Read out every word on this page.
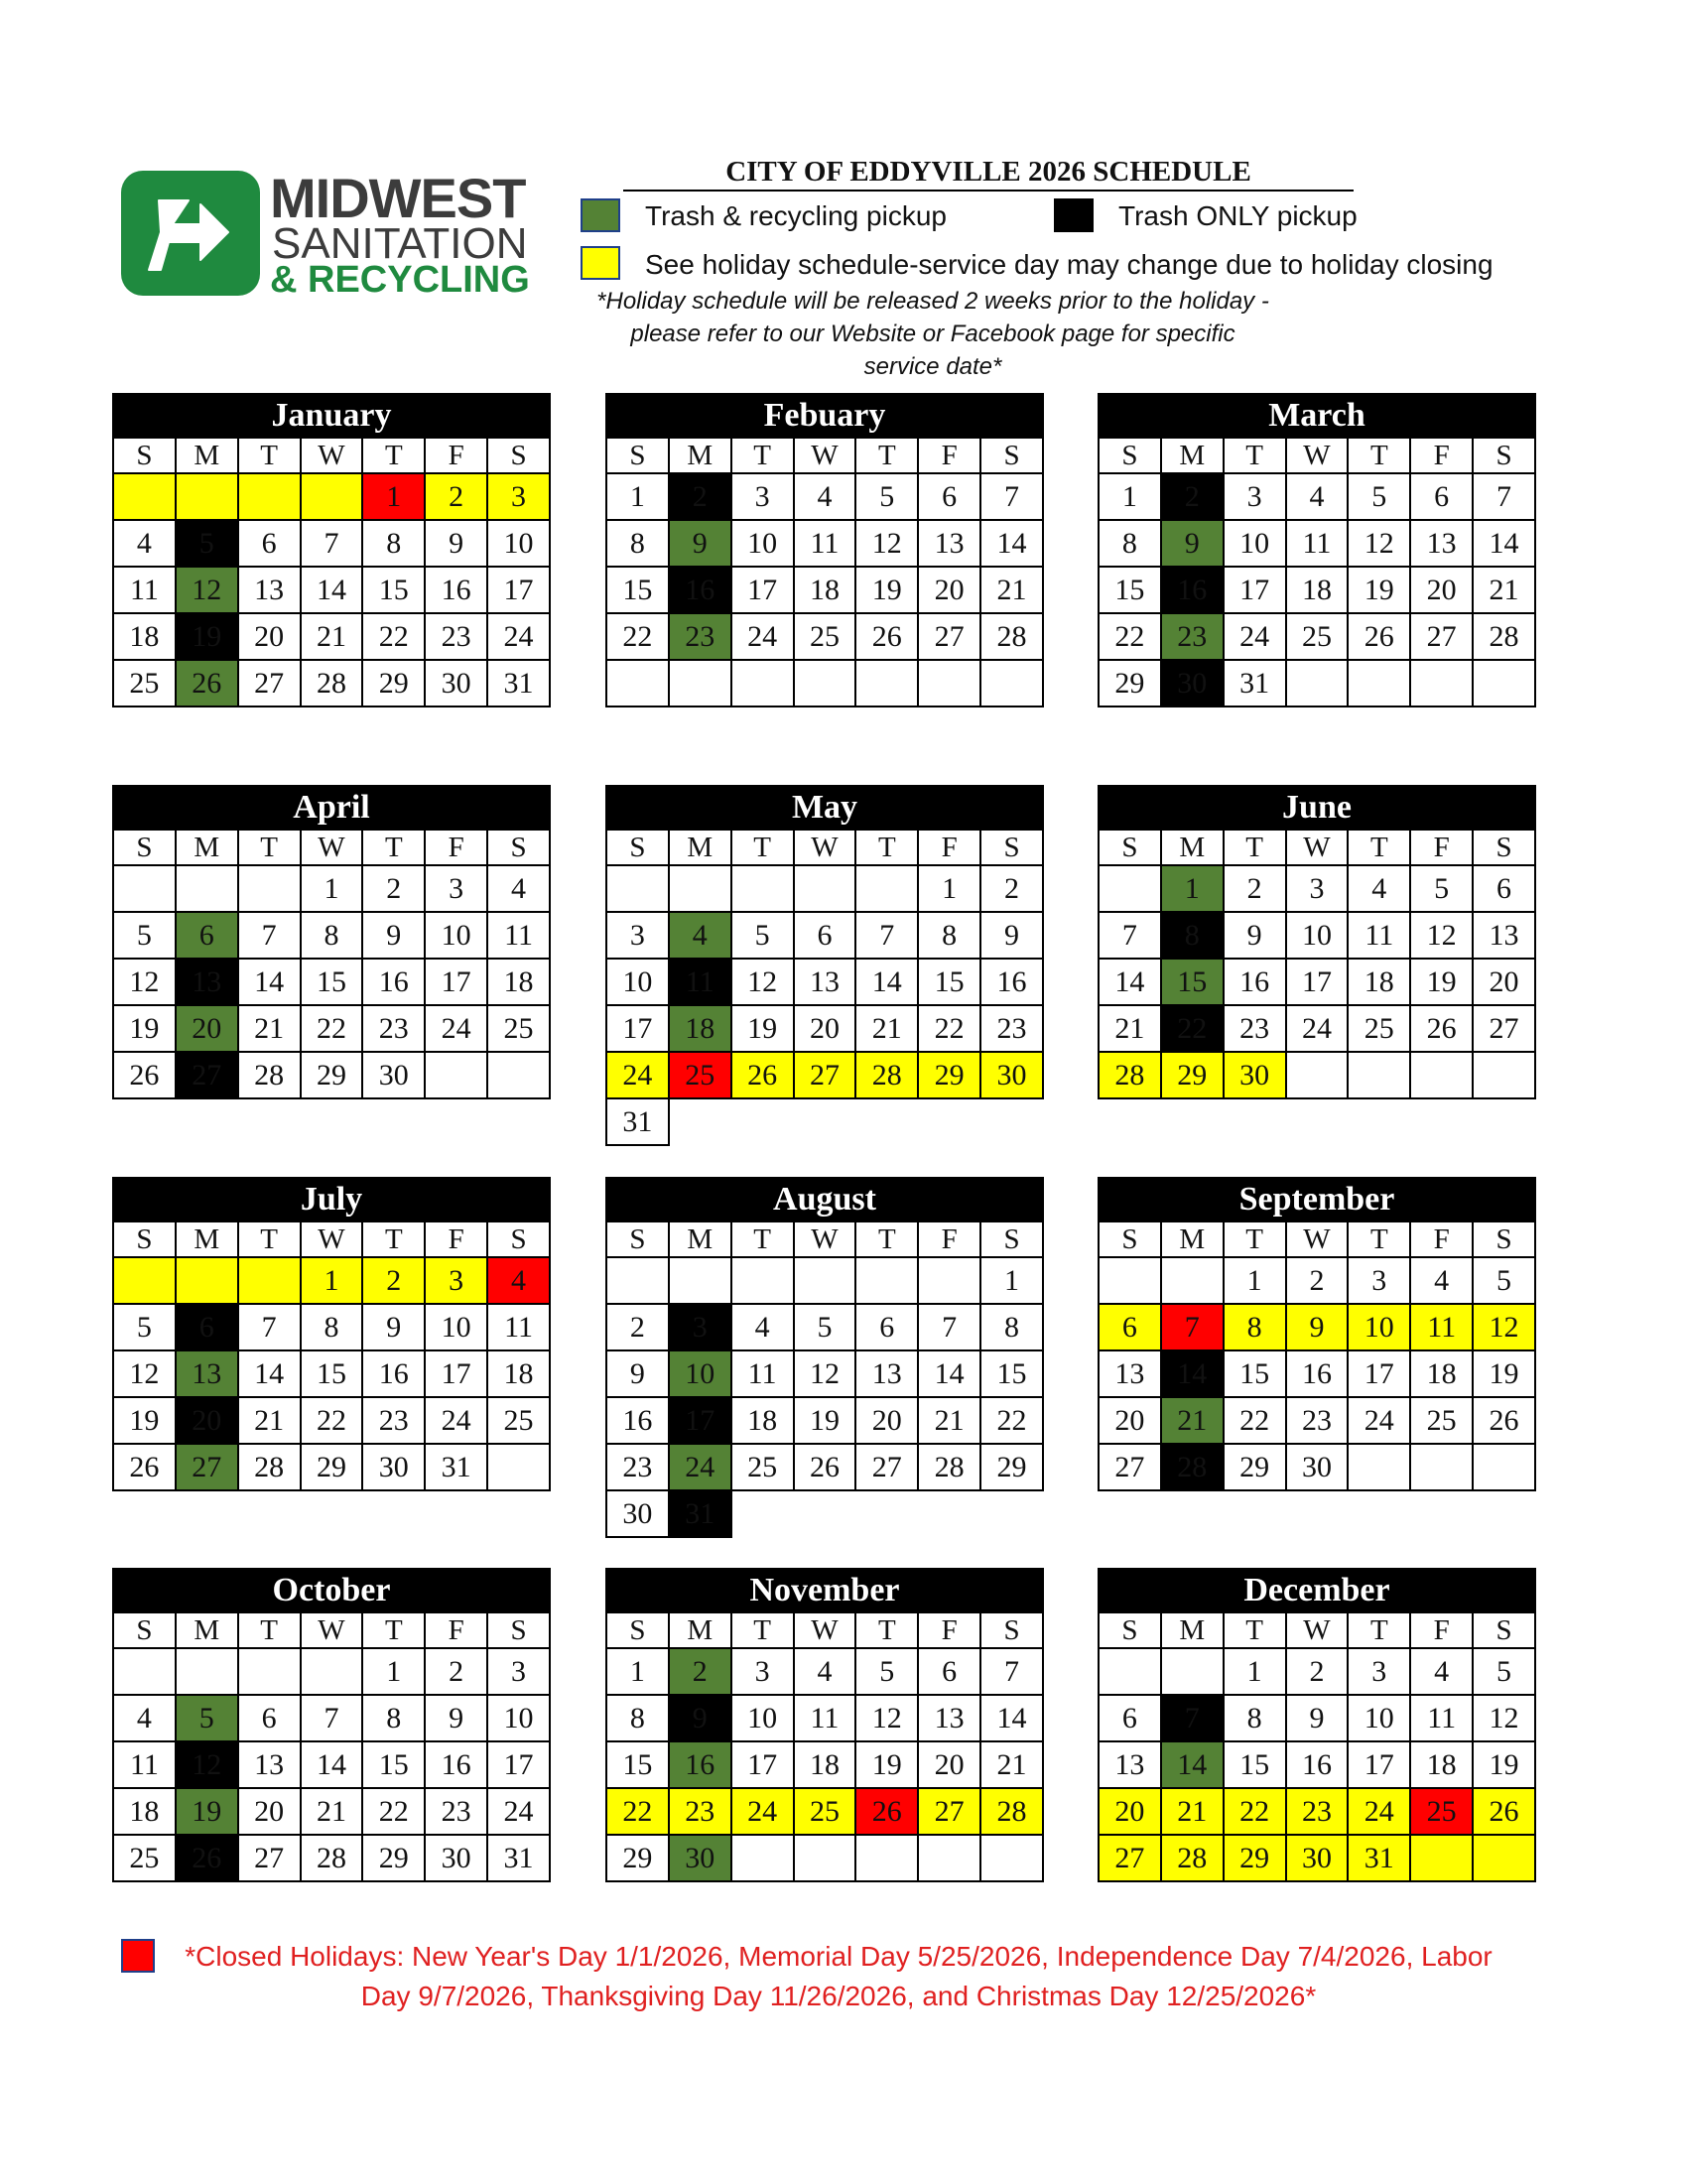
MIDWEST
SANITATION
& RECYCLING
CITY OF EDDYVILLE 2026 SCHEDULE
Trash & recycling pickup	Trash ONLY pickup
See holiday schedule-service day may change due to holiday closing
*Holiday schedule will be released 2 weeks prior to the holiday - please refer to our Website or Facebook page for specific service date*
January
S	M	T	W	T	F	S
				1	2	3
4	5	6	7	8	9	10
11	12	13	14	15	16	17
18	19	20	21	22	23	24
25	26	27	28	29	30	31
Febuary
S	M	T	W	T	F	S
1	2	3	4	5	6	7
8	9	10	11	12	13	14
15	16	17	18	19	20	21
22	23	24	25	26	27	28

March
S	M	T	W	T	F	S
1	2	3	4	5	6	7
8	9	10	11	12	13	14
15	16	17	18	19	20	21
22	23	24	25	26	27	28
29	30	31				
April
S	M	T	W	T	F	S
			1	2	3	4
5	6	7	8	9	10	11
12	13	14	15	16	17	18
19	20	21	22	23	24	25
26	27	28	29	30		
May
S	M	T	W	T	F	S
					1	2
3	4	5	6	7	8	9
10	11	12	13	14	15	16
17	18	19	20	21	22	23
24	25	26	27	28	29	30
31						
June
S	M	T	W	T	F	S
	1	2	3	4	5	6
7	8	9	10	11	12	13
14	15	16	17	18	19	20
21	22	23	24	25	26	27
28	29	30				
July
S	M	T	W	T	F	S
			1	2	3	4
5	6	7	8	9	10	11
12	13	14	15	16	17	18
19	20	21	22	23	24	25
26	27	28	29	30	31	
August
S	M	T	W	T	F	S
						1
2	3	4	5	6	7	8
9	10	11	12	13	14	15
16	17	18	19	20	21	22
23	24	25	26	27	28	29
30	31					
September
S	M	T	W	T	F	S
		1	2	3	4	5
6	7	8	9	10	11	12
13	14	15	16	17	18	19
20	21	22	23	24	25	26
27	28	29	30			
October
S	M	T	W	T	F	S
				1	2	3
4	5	6	7	8	9	10
11	12	13	14	15	16	17
18	19	20	21	22	23	24
25	26	27	28	29	30	31
November
S	M	T	W	T	F	S
1	2	3	4	5	6	7
8	9	10	11	12	13	14
15	16	17	18	19	20	21
22	23	24	25	26	27	28
29	30					
December
S	M	T	W	T	F	S
		1	2	3	4	5
6	7	8	9	10	11	12
13	14	15	16	17	18	19
20	21	22	23	24	25	26
27	28	29	30	31		
*Closed Holidays: New Year's Day 1/1/2026, Memorial Day 5/25/2026, Independence Day 7/4/2026, Labor
Day 9/7/2026, Thanksgiving Day 11/26/2026, and Christmas Day 12/25/2026*
